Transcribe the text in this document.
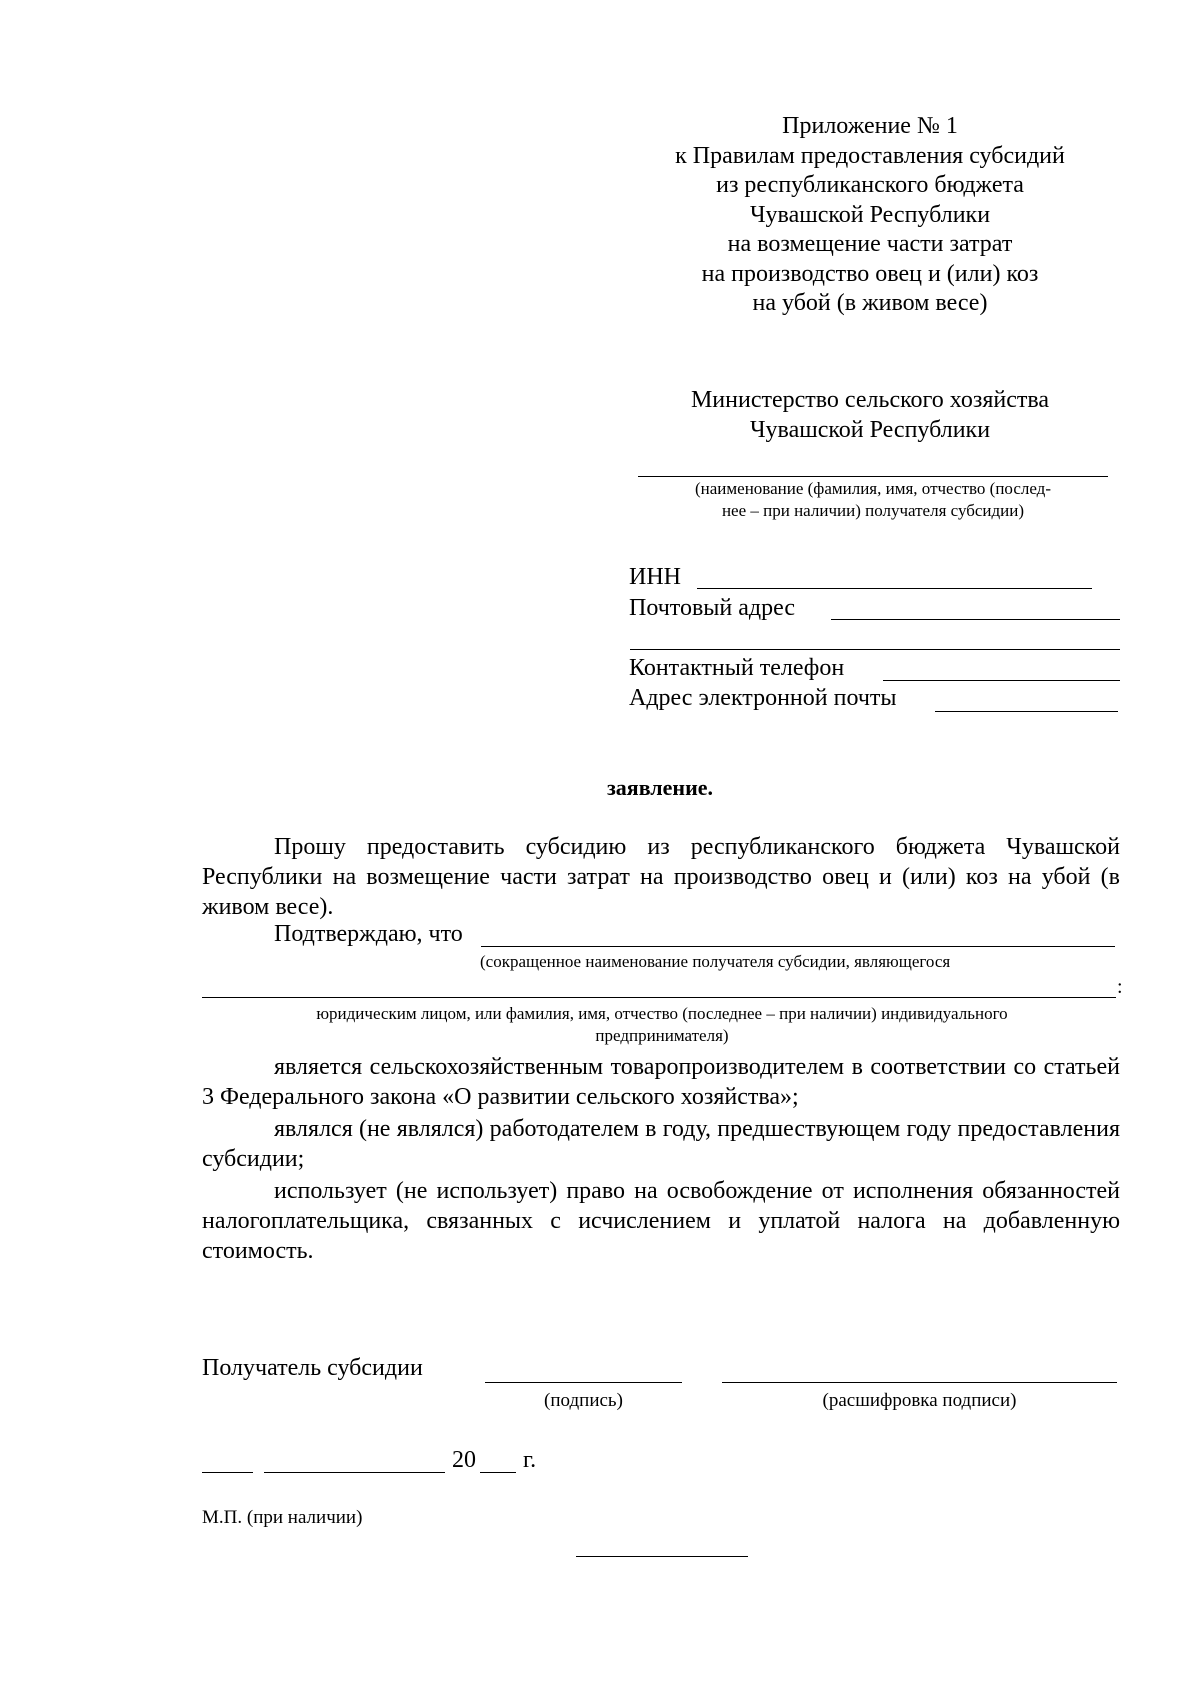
Приложение № 1
к Правилам предоставления субсидий
из республиканского бюджета
Чувашской Республики
на возмещение части затрат
на производство овец и (или) коз
на убой (в живом весе)
Министерство сельского хозяйства
Чувашской Республики
(наименование (фамилия, имя, отчество (послед-
нее – при наличии) получателя субсидии)
ИНН
Почтовый адрес
Контактный телефон
Адрес электронной почты
заявление.
Прошу предоставить субсидию из республиканского бюджета Чувашской Республики на возмещение части затрат на производство овец и (или) коз на убой (в живом весе).
Подтверждаю, что
(сокращенное наименование получателя субсидии, являющегося
:
юридическим лицом, или фамилия, имя, отчество (последнее – при наличии) индивидуального
предпринимателя)
является сельскохозяйственным товаропроизводителем в соответствии со статьей 3 Федерального закона «О развитии сельского хозяйства»;
являлся (не являлся) работодателем в году, предшествующем году предоставления субсидии;
использует (не использует) право на освобождение от исполнения обязанностей налогоплательщика, связанных с исчислением и уплатой налога на добавленную стоимость.
Получатель субсидии
(подпись)	(расшифровка подписи)
20 г.
М.П. (при наличии)
